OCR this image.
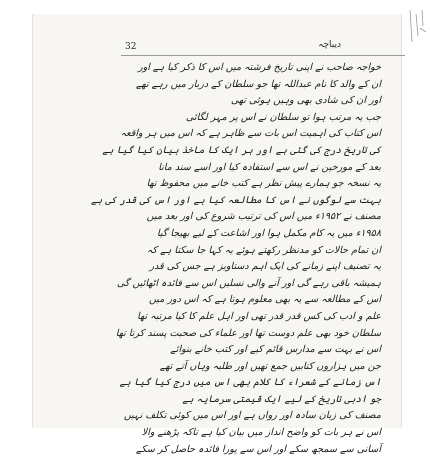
32	دیباچہ
خواجہ صاحب نے اپنی تاریخ فرشتہ میں اس کا ذکر کیا ہے اور
ان کے والد کا نام عبداللہ تھا جو سلطان کے دربار میں رہے تھے
اور ان کی شادی بھی وہیں ہوئی تھی
جب یہ مرتب ہوا تو سلطان نے اس پر مہر لگائی
اس کتاب کی اہمیت اس بات سے ظاہر ہے کہ اس میں ہر واقعہ
کی تاریخ درج کی گئی ہے اور ہر ایک کا ماخذ بیان کیا گیا ہے
بعد کے مورخین نے اس سے استفادہ کیا اور اسے سند مانا
یہ نسخہ جو ہمارے پیش نظر ہے کتب خانے میں محفوظ تھا
بہت سے لوگوں نے اس کا مطالعہ کیا ہے اور اس کی قدر کی ہے
مصنف نے ۱۹۵۲ء میں اس کی ترتیب شروع کی اور بعد میں
۱۹۵۸ء میں یہ کام مکمل ہوا اور اشاعت کے لیے بھیجا گیا
ان تمام حالات کو مدنظر رکھتے ہوئے یہ کہا جا سکتا ہے کہ
یہ تصنیف اپنے زمانے کی ایک اہم دستاویز ہے جس کی قدر
ہمیشہ باقی رہے گی اور آنے والی نسلیں اس سے فائدہ اٹھائیں گی
اس کے مطالعہ سے یہ بھی معلوم ہوتا ہے کہ اس دور میں
علم و ادب کی کس قدر قدر تھی اور اہل علم کا کیا مرتبہ تھا
سلطان خود بھی علم دوست تھا اور علماء کی صحبت پسند کرتا تھا
اس نے بہت سے مدارس قائم کیے اور کتب خانے بنوائے
جن میں ہزاروں کتابیں جمع تھیں اور طلبہ وہاں آتے تھے
اس زمانے کے شعراء کا کلام بھی اس میں درج کیا گیا ہے
جو ادبی تاریخ کے لیے ایک قیمتی سرمایہ ہے
مصنف کی زبان سادہ اور رواں ہے اور اس میں کوئی تکلف نہیں
اس نے ہر بات کو واضح انداز میں بیان کیا ہے تاکہ پڑھنے والا
آسانی سے سمجھ سکے اور اس سے پورا فائدہ حاصل کر سکے
